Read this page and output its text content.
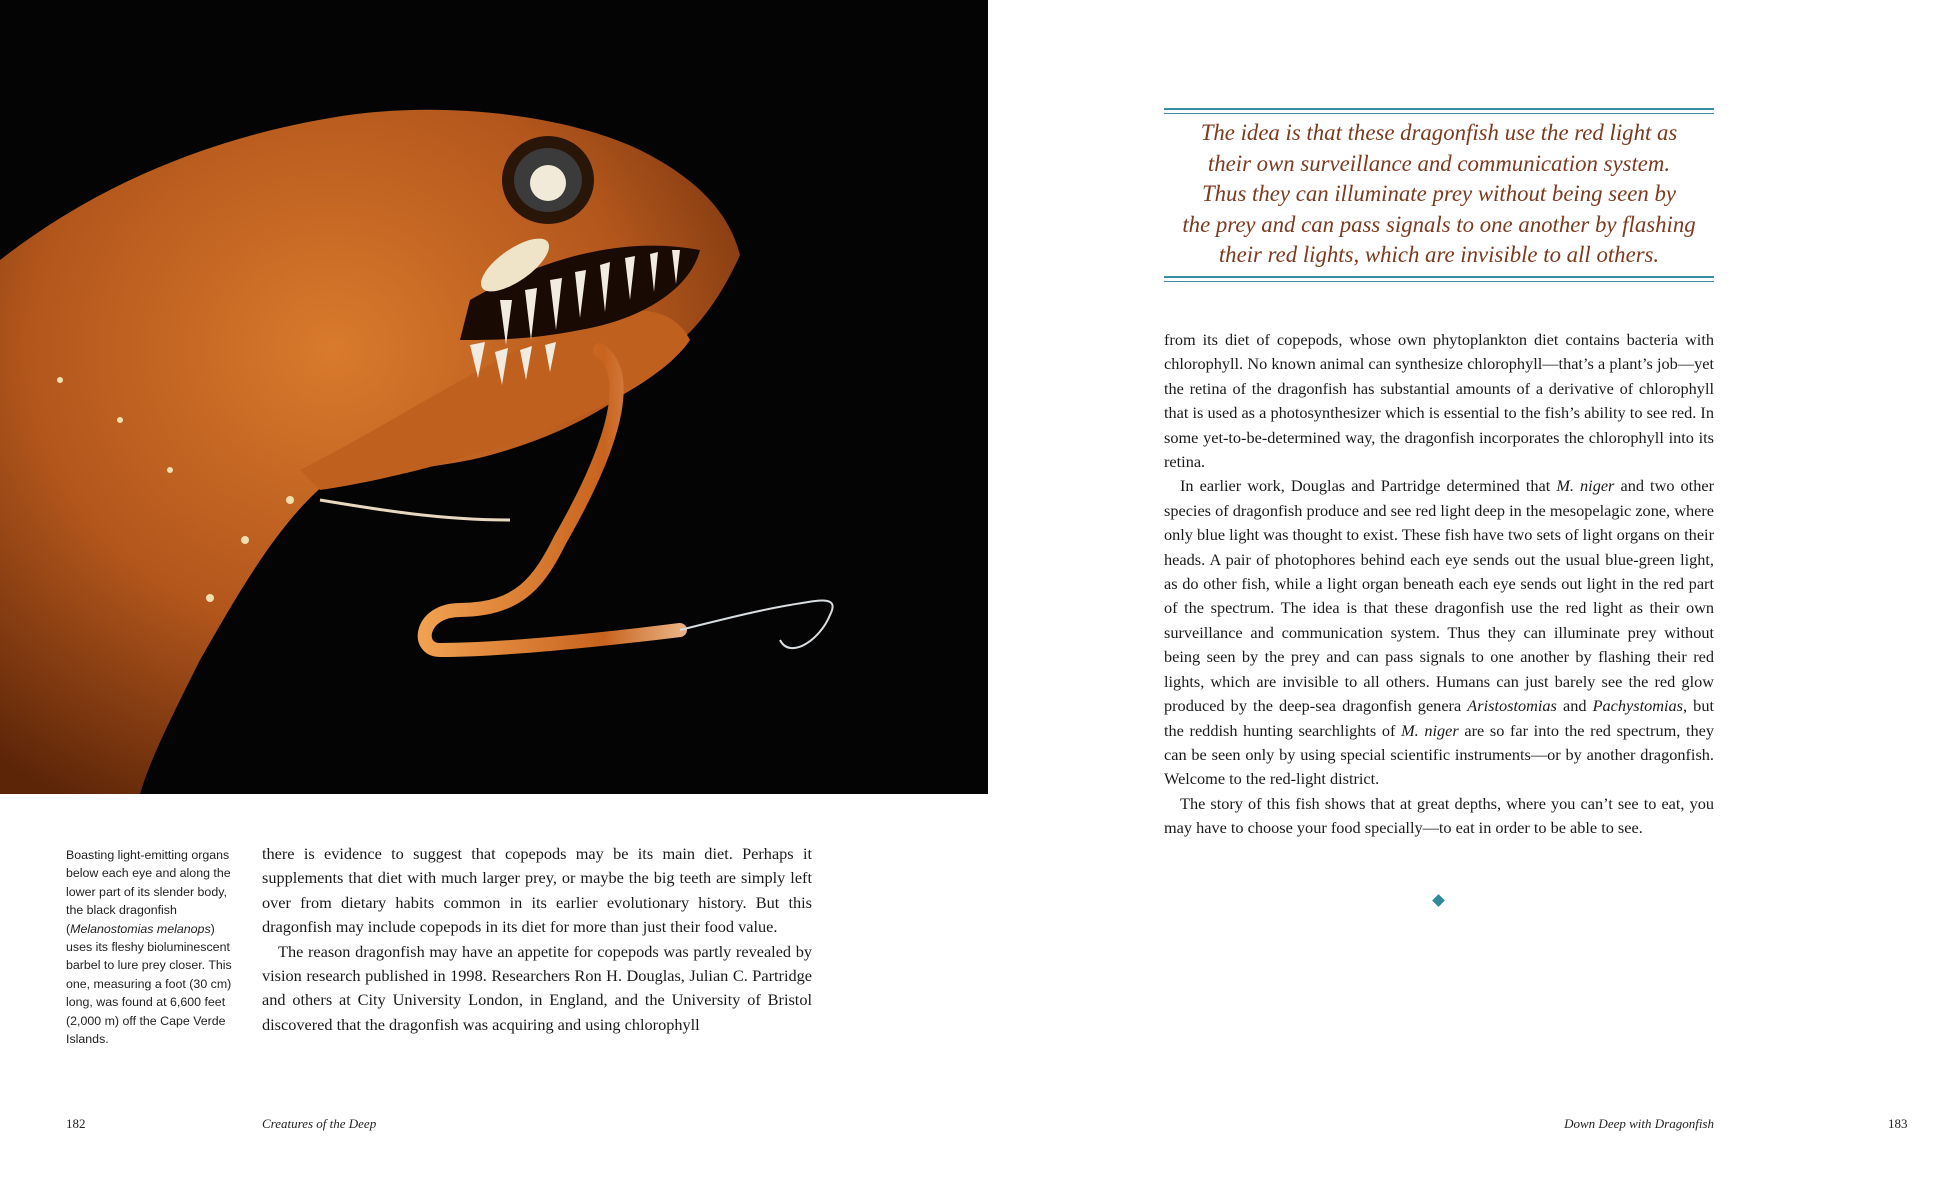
Boasting light-emitting organs below each eye and along the lower part of its slender body, the black dragonfish (Melanostomias melanops) uses its fleshy bioluminescent barbel to lure prey closer. This one, measuring a foot (30 cm) long, was found at 6,600 feet (2,000 m) off the Cape Verde Islands.

there is evidence to suggest that copepods may be its main diet. Perhaps it supplements that diet with much larger prey, or maybe the big teeth are simply left over from dietary habits common in its earlier evolutionary history. But this dragonfish may include copepods in its diet for more than just their food value.

The reason dragonfish may have an appetite for copepods was partly revealed by vision research published in 1998. Researchers Ron H. Douglas, Julian C. Partridge and others at City University London, in England, and the University of Bristol discovered that the dragonfish was acquiring and using chlorophyll

The idea is that these dragonfish use the red light as
their own surveillance and communication system.
Thus they can illuminate prey without being seen by
the prey and can pass signals to one another by flashing
their red lights, which are invisible to all others.

from its diet of copepods, whose own phytoplankton diet contains bacteria with chlorophyll. No known animal can synthesize chlorophyll—that’s a plant’s job—yet the retina of the dragonfish has substantial amounts of a derivative of chlorophyll that is used as a photosynthesizer which is essential to the fish’s ability to see red. In some yet-to-be-determined way, the dragonfish incorporates the chlorophyll into its retina.

In earlier work, Douglas and Partridge determined that M. niger and two other species of dragonfish produce and see red light deep in the mesopelagic zone, where only blue light was thought to exist. These fish have two sets of light organs on their heads. A pair of photophores behind each eye sends out the usual blue-green light, as do other fish, while a light organ beneath each eye sends out light in the red part of the spectrum. The idea is that these dragonfish use the red light as their own surveillance and communication system. Thus they can illuminate prey without being seen by the prey and can pass signals to one another by flashing their red lights, which are invisible to all others. Humans can just barely see the red glow produced by the deep-sea dragonfish genera Aristostomias and Pachystomias, but the reddish hunting searchlights of M. niger are so far into the red spectrum, they can be seen only by using special scientific instruments—or by another dragonfish. Welcome to the red-light district.

The story of this fish shows that at great depths, where you can’t see to eat, you may have to choose your food specially—to eat in order to be able to see.

182	Creatures of the Deep	Down Deep with Dragonfish	183
